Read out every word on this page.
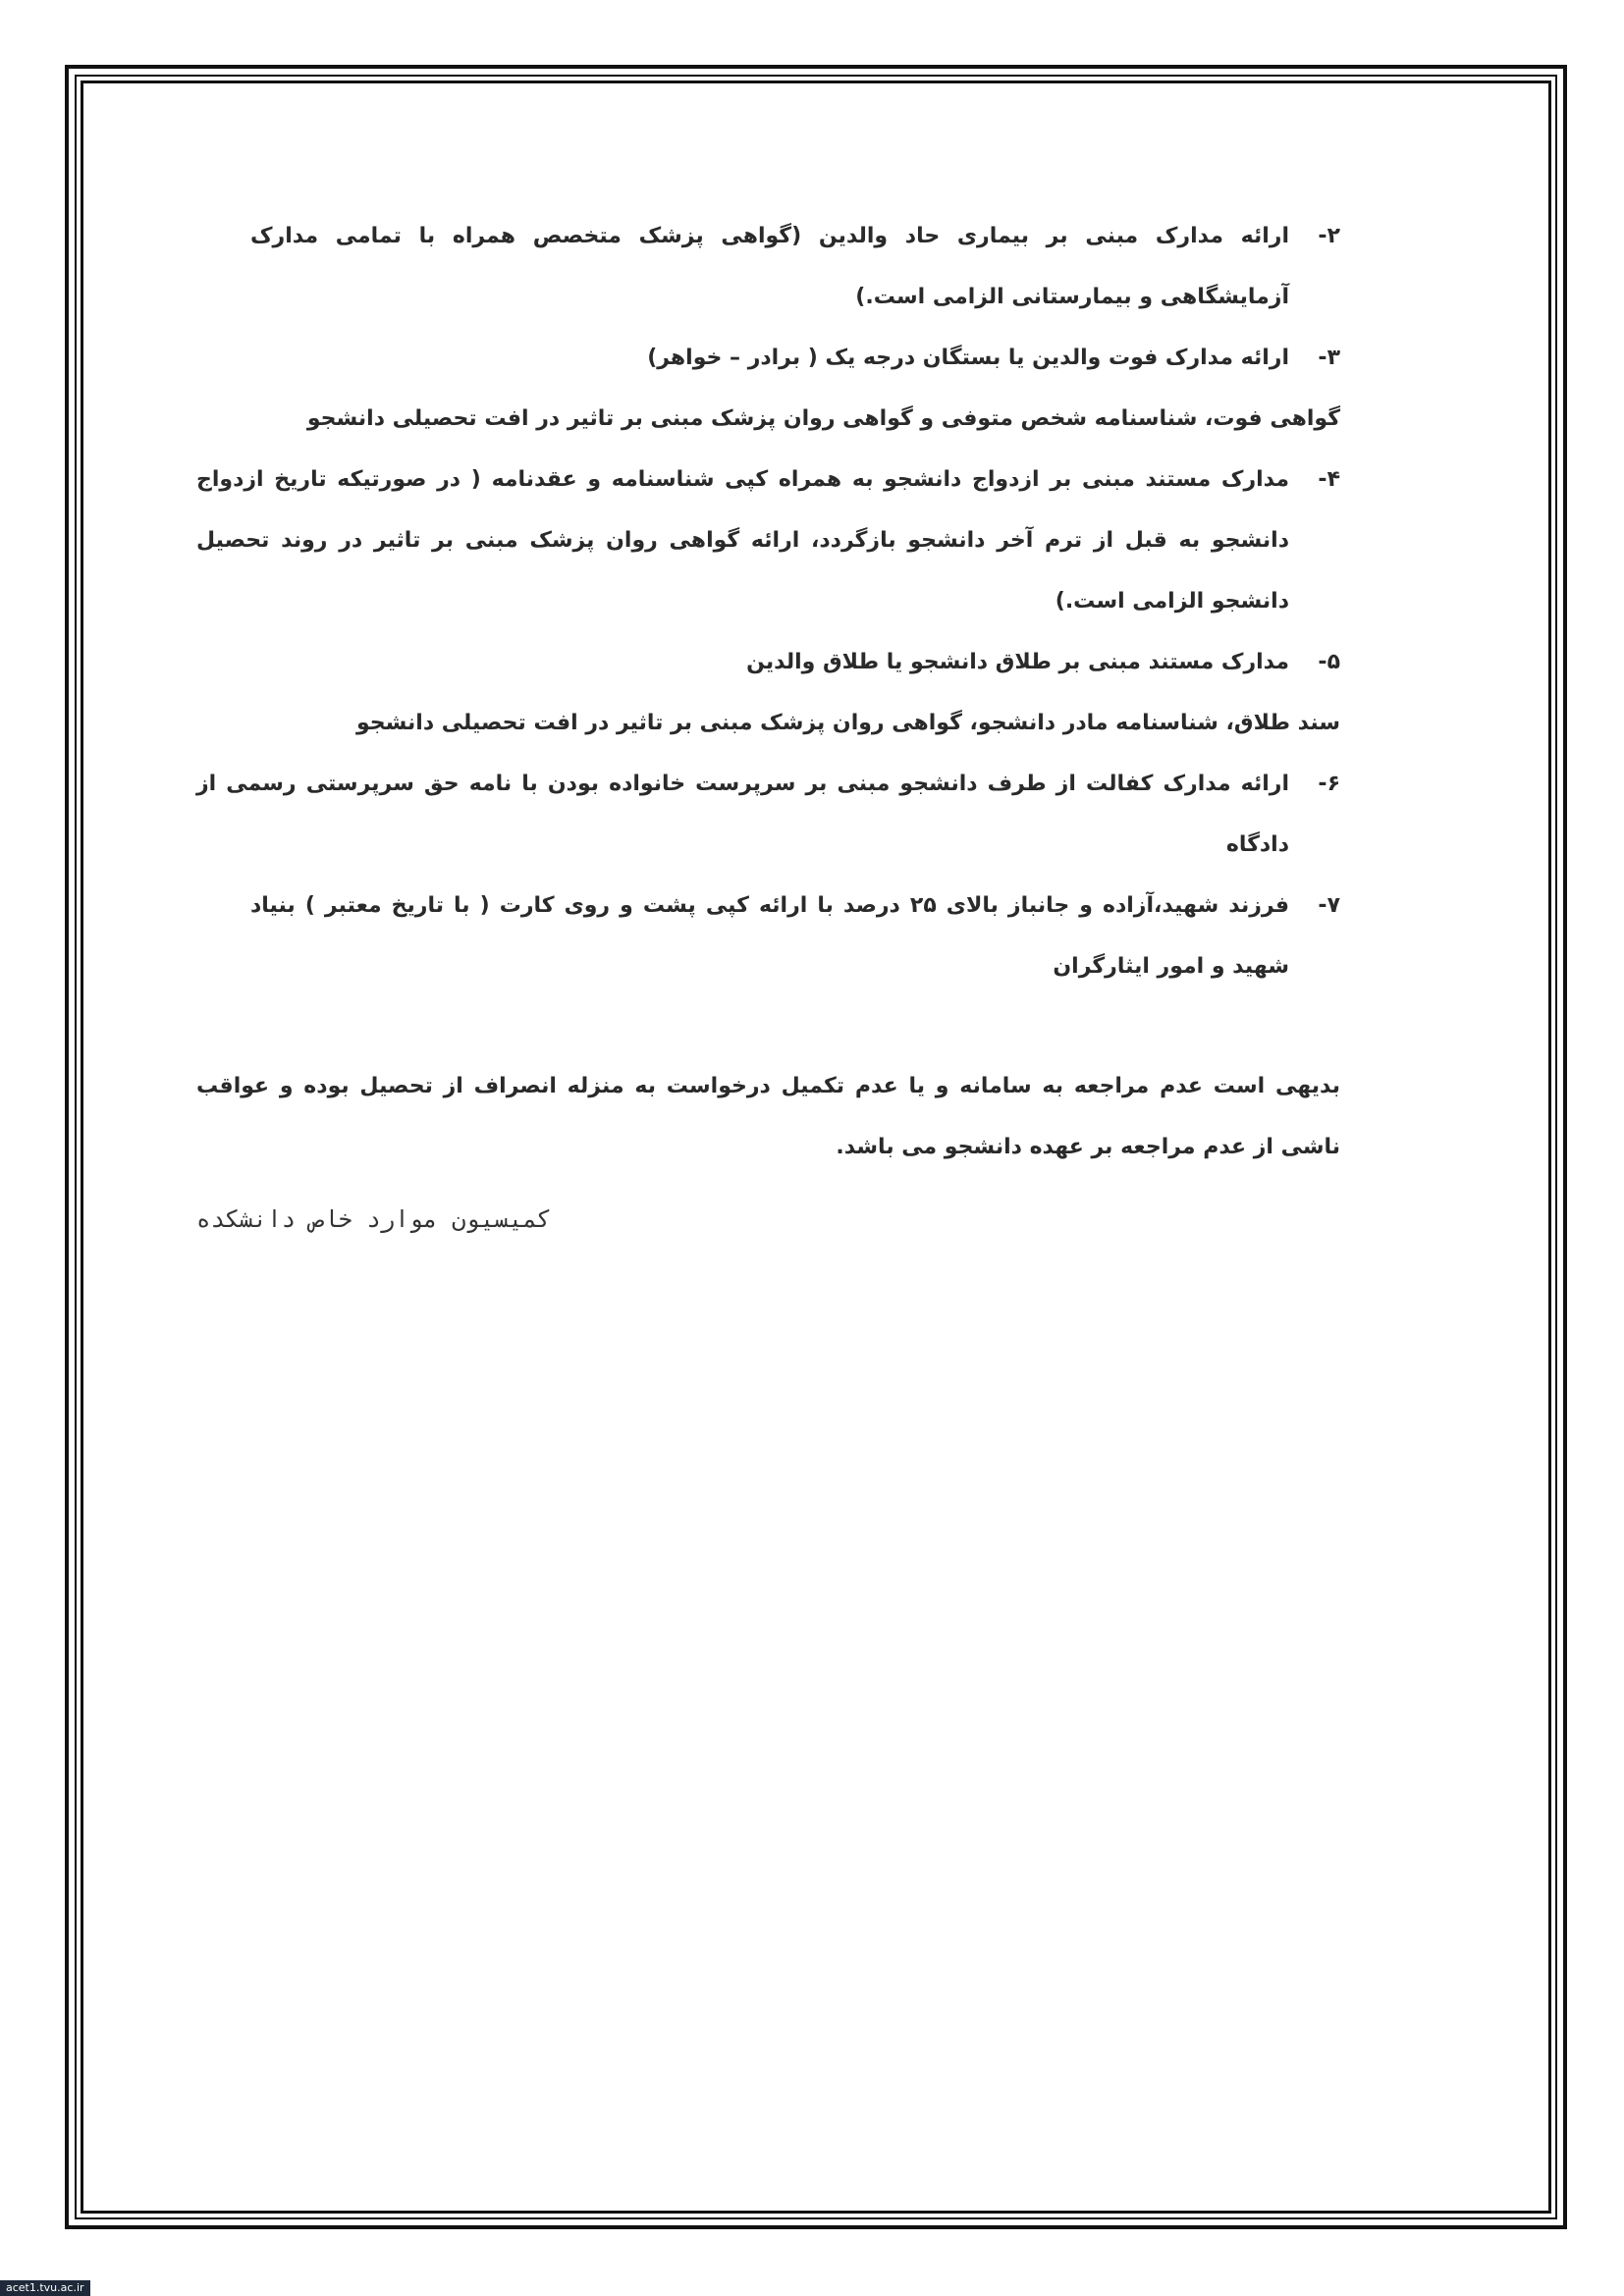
۲-
ارائه مدارک مبنی بر بیماری حاد والدین (گواهی پزشک متخصص همراه با تمامی مدارک آزمایشگاهی و بیمارستانی الزامی است.)
۳-
ارائه مدارک فوت والدین یا بستگان درجه یک ( برادر – خواهر)

گواهی فوت، شناسنامه شخص متوفی و گواهی روان پزشک مبنی بر تاثیر در افت تحصیلی دانشجو

۴-
مدارک مستند مبنی بر ازدواج دانشجو به همراه کپی شناسنامه و عقدنامه ( در صورتیکه تاریخ ازدواج دانشجو به قبل از ترم آخر دانشجو بازگردد، ارائه گواهی روان پزشک مبنی بر تاثیر در روند تحصیل دانشجو الزامی است.)
۵-
مدارک مستند مبنی بر طلاق دانشجو یا طلاق والدین

سند طلاق، شناسنامه مادر دانشجو، گواهی روان پزشک مبنی بر تاثیر در افت تحصیلی دانشجو

۶-
ارائه مدارک کفالت از طرف دانشجو مبنی بر سرپرست خانواده بودن با نامه حق سرپرستی رسمی از دادگاه
۷-
فرزند شهید،آزاده و جانباز بالای ۲۵ درصد با ارائه کپی پشت و روی کارت ( با تاریخ معتبر ) بنیاد شهید و امور ایثارگران

بدیهی است عدم مراجعه به سامانه و یا عدم تکمیل درخواست به منزله انصراف از تحصیل بوده و عواقب ناشی از عدم مراجعه بر عهده دانشجو می باشد.

کمیسیون موارد خاص دانشکده
acet1.tvu.ac.ir
